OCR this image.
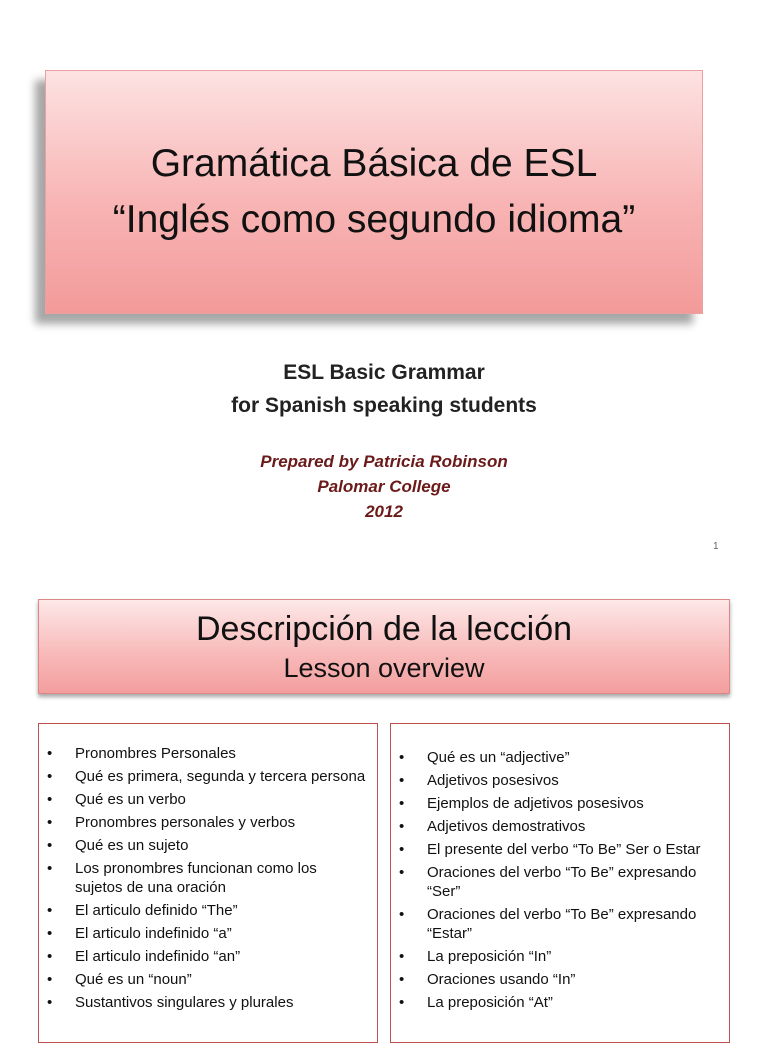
Gramática Básica de ESL
“Inglés como segundo idioma”
ESL Basic Grammar
for Spanish speaking students
Prepared by Patricia Robinson
Palomar College
2012
1
Descripción de la lección
Lesson overview
• Pronombres Personales
• Qué es primera, segunda y tercera persona
• Qué es un verbo
• Pronombres personales y verbos
• Qué es un sujeto
• Los pronombres funcionan como los sujetos de una oración
• El articulo definido “The”
• El articulo indefinido “a”
• El articulo indefinido “an”
• Qué es un “noun”
• Sustantivos singulares y plurales
• Qué es un “adjective”
• Adjetivos posesivos
• Ejemplos de adjetivos posesivos
• Adjetivos demostrativos
• El presente del verbo “To Be” Ser o Estar
• Oraciones del verbo “To Be” expresando “Ser”
• Oraciones del verbo “To Be” expresando “Estar”
• La preposición “In”
• Oraciones usando “In”
• La preposición “At”
